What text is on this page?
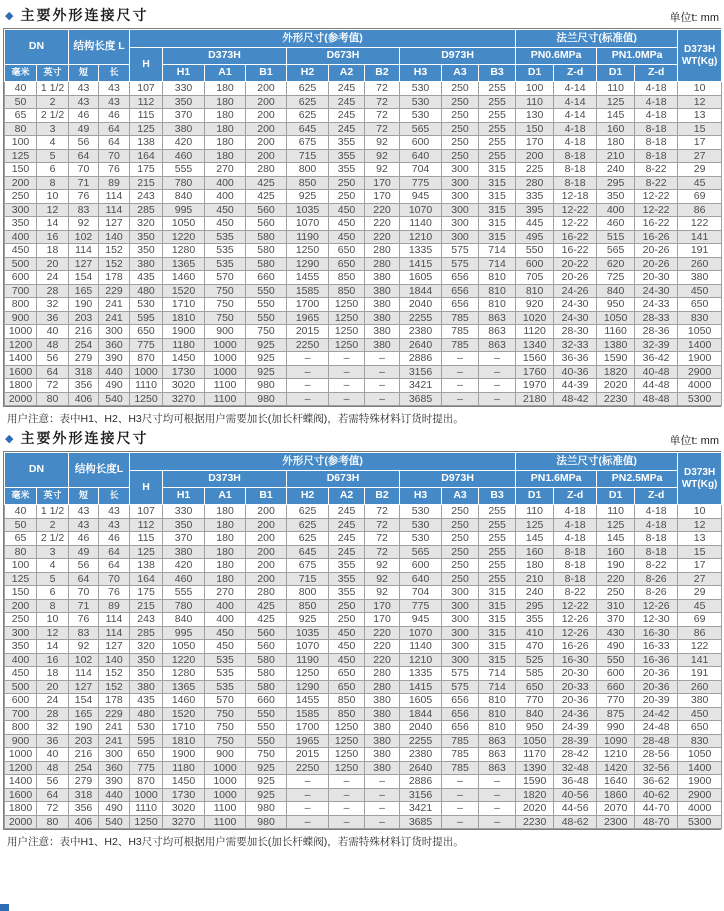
◆ 主要外形连接尺寸	单位t: mm
DN		结构长度 L		外形尺寸(参考值)										法兰尺寸(标准值)				D373H
WT(Kg)
				H	D373H			D673H			D973H			PN0.6MPa		PN1.0MPa		
毫米	英寸	短	长		H1	A1	B1	H2	A2	B2	H3	A3	B3	D1	Z-d	D1	Z-d	
40	1 1/2	43	43	107	330	180	200	625	245	72	530	250	255	100	4-14	110	4-18	10
50	2	43	43	112	350	180	200	625	245	72	530	250	255	110	4-14	125	4-18	12
65	2 1/2	46	46	115	370	180	200	625	245	72	530	250	255	130	4-14	145	4-18	13
80	3	49	64	125	380	180	200	645	245	72	565	250	255	150	4-18	160	8-18	15
100	4	56	64	138	420	180	200	675	355	92	600	250	255	170	4-18	180	8-18	17
125	5	64	70	164	460	180	200	715	355	92	640	250	255	200	8-18	210	8-18	27
150	6	70	76	175	555	270	280	800	355	92	704	300	315	225	8-18	240	8-22	29
200	8	71	89	215	780	400	425	850	250	170	775	300	315	280	8-18	295	8-22	45
250	10	76	114	243	840	400	425	925	250	170	945	300	315	335	12-18	350	12-22	69
300	12	83	114	285	995	450	560	1035	450	220	1070	300	315	395	12-22	400	12-22	86
350	14	92	127	320	1050	450	560	1070	450	220	1140	300	315	445	12-22	460	16-22	122
400	16	102	140	350	1220	535	580	1190	450	220	1210	300	315	495	16-22	515	16-26	141
450	18	114	152	350	1280	535	580	1250	650	280	1335	575	714	550	16-22	565	20-26	191
500	20	127	152	380	1365	535	580	1290	650	280	1415	575	714	600	20-22	620	20-26	260
600	24	154	178	435	1460	570	660	1455	850	380	1605	656	810	705	20-26	725	20-30	380
700	28	165	229	480	1520	750	550	1585	850	380	1844	656	810	810	24-26	840	24-30	450
800	32	190	241	530	1710	750	550	1700	1250	380	2040	656	810	920	24-30	950	24-33	650
900	36	203	241	595	1810	750	550	1965	1250	380	2255	785	863	1020	24-30	1050	28-33	830
1000	40	216	300	650	1900	900	750	2015	1250	380	2380	785	863	1120	28-30	1160	28-36	1050
1200	48	254	360	775	1180	1000	925	2250	1250	380	2640	785	863	1340	32-33	1380	32-39	1400
1400	56	279	390	870	1450	1000	925	–	–	–	2886	–	–	1560	36-36	1590	36-42	1900
1600	64	318	440	1000	1730	1000	925	–	–	–	3156	–	–	1760	40-36	1820	40-48	2900
1800	72	356	490	1110	3020	1100	980	–	–	–	3421	–	–	1970	44-39	2020	44-48	4000
2000	80	406	540	1250	3270	1100	980	–	–	–	3685	–	–	2180	48-42	2230	48-48	5300
用户注意：表中H1、H2、H3尺寸均可根据用户需要加长(加长杆蝶阀)，若需特殊材料订货时提出。
◆ 主要外形连接尺寸	单位t: mm
DN		结构长度L		外形尺寸(参考值)										法兰尺寸(标准值)				D373H
WT(Kg)
				H	D373H			D673H			D973H			PN1.6MPa		PN2.5MPa		
毫米	英寸	短	长		H1	A1	B1	H2	A2	B2	H3	A3	B3	D1	Z-d	D1	Z-d	
40	1 1/2	43	43	107	330	180	200	625	245	72	530	250	255	110	4-18	110	4-18	10
50	2	43	43	112	350	180	200	625	245	72	530	250	255	125	4-18	125	4-18	12
65	2 1/2	46	46	115	370	180	200	625	245	72	530	250	255	145	4-18	145	8-18	13
80	3	49	64	125	380	180	200	645	245	72	565	250	255	160	8-18	160	8-18	15
100	4	56	64	138	420	180	200	675	355	92	600	250	255	180	8-18	190	8-22	17
125	5	64	70	164	460	180	200	715	355	92	640	250	255	210	8-18	220	8-26	27
150	6	70	76	175	555	270	280	800	355	92	704	300	315	240	8-22	250	8-26	29
200	8	71	89	215	780	400	425	850	250	170	775	300	315	295	12-22	310	12-26	45
250	10	76	114	243	840	400	425	925	250	170	945	300	315	355	12-26	370	12-30	69
300	12	83	114	285	995	450	560	1035	450	220	1070	300	315	410	12-26	430	16-30	86
350	14	92	127	320	1050	450	560	1070	450	220	1140	300	315	470	16-26	490	16-33	122
400	16	102	140	350	1220	535	580	1190	450	220	1210	300	315	525	16-30	550	16-36	141
450	18	114	152	350	1280	535	580	1250	650	280	1335	575	714	585	20-30	600	20-36	191
500	20	127	152	380	1365	535	580	1290	650	280	1415	575	714	650	20-33	660	20-36	260
600	24	154	178	435	1460	570	660	1455	850	380	1605	656	810	770	20-36	770	20-39	380
700	28	165	229	480	1520	750	550	1585	850	380	1844	656	810	840	24-36	875	24-42	450
800	32	190	241	530	1710	750	550	1700	1250	380	2040	656	810	950	24-39	990	24-48	650
900	36	203	241	595	1810	750	550	1965	1250	380	2255	785	863	1050	28-39	1090	28-48	830
1000	40	216	300	650	1900	900	750	2015	1250	380	2380	785	863	1170	28-42	1210	28-56	1050
1200	48	254	360	775	1180	1000	925	2250	1250	380	2640	785	863	1390	32-48	1420	32-56	1400
1400	56	279	390	870	1450	1000	925	–	–	–	2886	–	–	1590	36-48	1640	36-62	1900
1600	64	318	440	1000	1730	1000	925	–	–	–	3156	–	–	1820	40-56	1860	40-62	2900
1800	72	356	490	1110	3020	1100	980	–	–	–	3421	–	–	2020	44-56	2070	44-70	4000
2000	80	406	540	1250	3270	1100	980	–	–	–	3685	–	–	2230	48-62	2300	48-70	5300
用户注意：表中H1、H2、H3尺寸均可根据用户需要加长(加长杆蝶阀)，若需特殊材料订货时提出。
